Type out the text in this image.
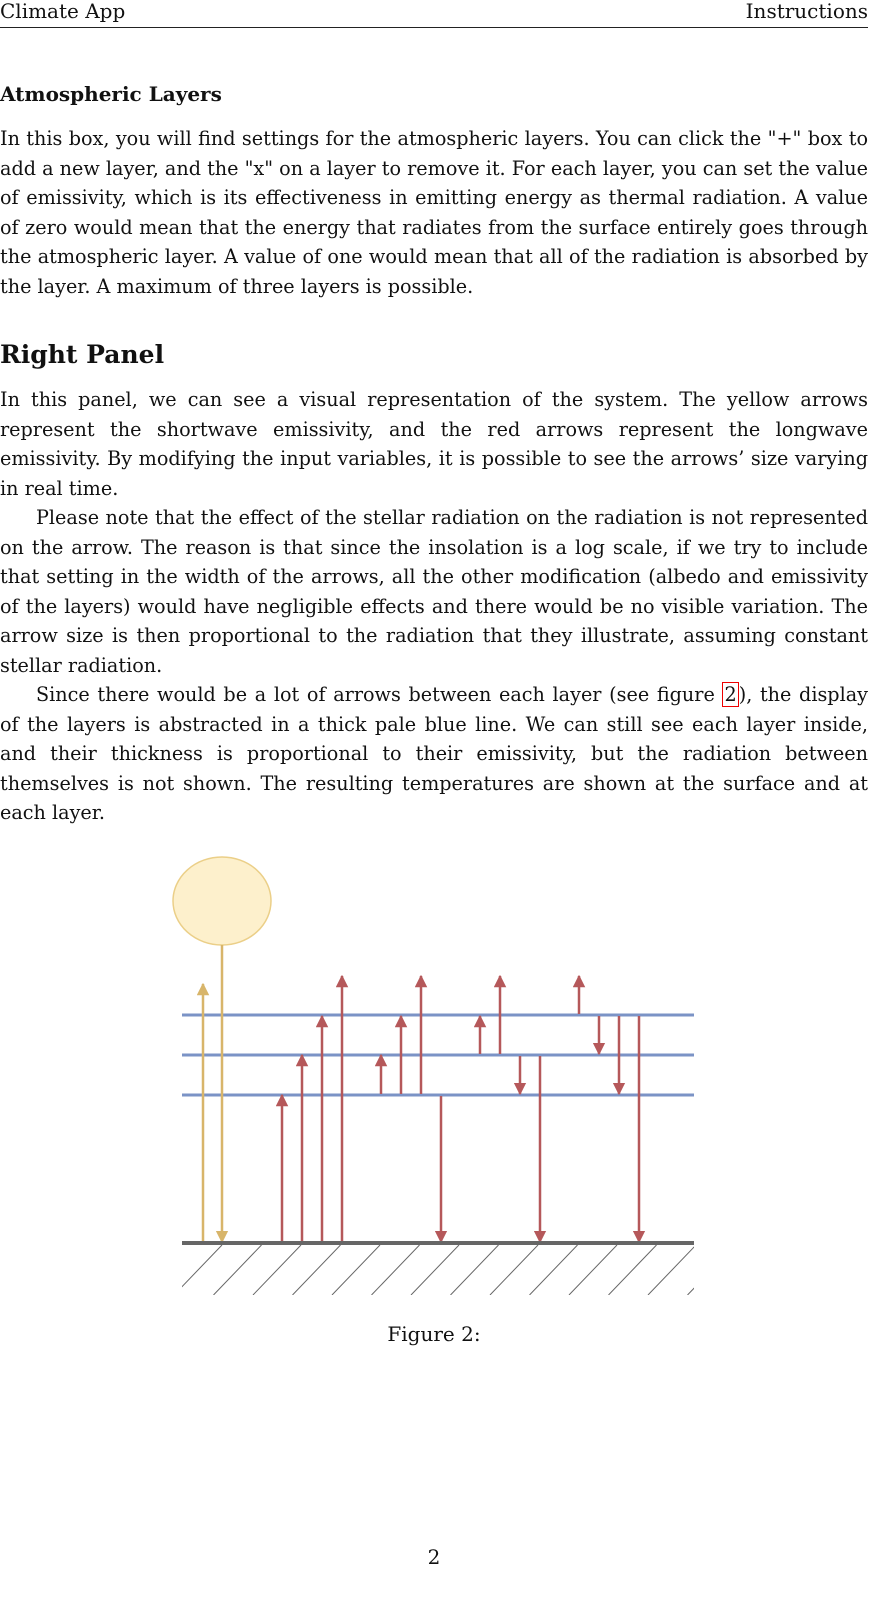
Climate App	Instructions
Atmospheric Layers

In this box, you will find settings for the atmospheric layers. You can click the "+" box to add a new layer, and the "x" on a layer to remove it. For each layer, you can set the value of emissivity, which is its effectiveness in emitting energy as thermal radiation. A value of zero would mean that the energy that radiates from the surface entirely goes through the atmospheric layer. A value of one would mean that all of the radiation is absorbed by the layer. A maximum of three layers is possible.

Right Panel

In this panel, we can see a visual representation of the system. The yellow arrows represent the shortwave emissivity, and the red arrows represent the longwave emissivity. By modifying the input variables, it is possible to see the arrows’ size varying in real time.

Please note that the effect of the stellar radiation on the radiation is not represented on the arrow. The reason is that since the insolation is a log scale, if we try to include that setting in the width of the arrows, all the other modification (albedo and emissivity of the layers) would have negligible effects and there would be no visible variation. The arrow size is then proportional to the radiation that they illustrate, assuming constant stellar radiation.

Since there would be a lot of arrows between each layer (see figure 2 ), the display of the layers is abstracted in a thick pale blue line. We can still see each layer inside, and their thickness is proportional to their emissivity, but the radiation between themselves is not shown. The resulting temperatures are shown at the surface and at each layer.

Figure 2:
2
